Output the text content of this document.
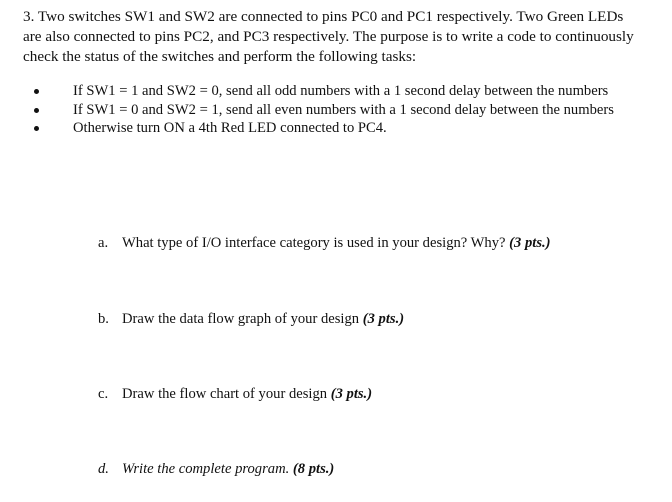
3. Two switches SW1 and SW2 are connected to pins PC0 and PC1 respectively. Two Green LEDs are also connected to pins PC2, and PC3 respectively. The purpose is to write a code to continuously check the status of the switches and perform the following tasks:
If SW1 = 1 and SW2 = 0, send all odd numbers with a 1 second delay between the numbers
If SW1 = 0 and SW2 = 1, send all even numbers with a 1 second delay between the numbers
Otherwise turn ON a 4th Red LED connected to PC4.
a. What type of I/O interface category is used in your design? Why? (3 pts.)
b. Draw the data flow graph of your design (3 pts.)
c. Draw the flow chart of your design (3 pts.)
d. Write the complete program. (8 pts.)
